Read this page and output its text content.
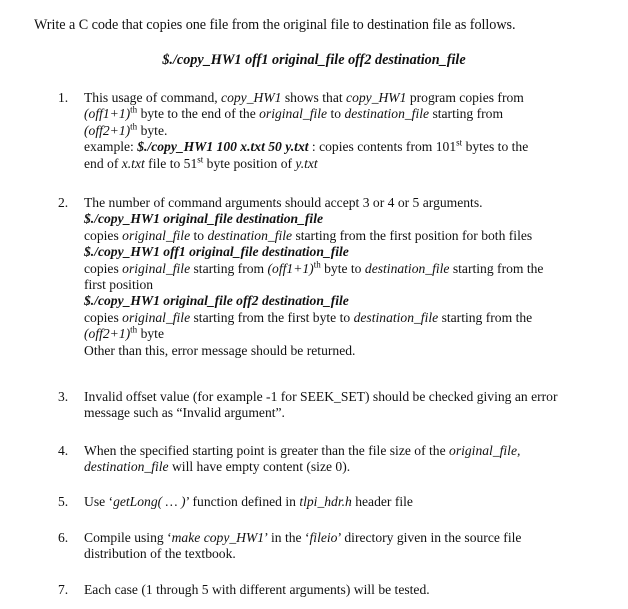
Write a C code that copies one file from the original file to destination file as follows.
$./copy_HW1 off1 original_file off2 destination_file
1.	This usage of command, copy_HW1 shows that copy_HW1 program copies from
$(off1+1)^{th}$ byte to the end of the original_file to destination_file starting from
$(off2+1)^{th}$ byte.
example: $./copy_HW1 100 x.txt 50 y.txt : copies contents from 101st bytes to the
end of x.txt file to 51st byte position of y.txt
2.	The number of command arguments should accept 3 or 4 or 5 arguments.
$./copy_HW1 original_file destination_file
copies original_file to destination_file starting from the first position for both files
$./copy_HW1 off1 original_file destination_file
copies original_file starting from $(off1+1)^{th}$ byte to destination_file starting from the
first position
$./copy_HW1 original_file off2 destination_file
copies original_file starting from the first byte to destination_file starting from the
$(off2+1)^{th}$ byte
Other than this, error message should be returned.
3.	Invalid offset value (for example -1 for SEEK_SET) should be checked giving an error
message such as “Invalid argument”.
4.	When the specified starting point is greater than the file size of the original_file,
destination_file will have empty content (size 0).
5.	Use ‘getLong( … )’ function defined in tlpi_hdr.h header file
6.	Compile using ‘make copy_HW1’ in the ‘fileio’ directory given in the source file
distribution of the textbook.
7.	Each case (1 through 5 with different arguments) will be tested.
